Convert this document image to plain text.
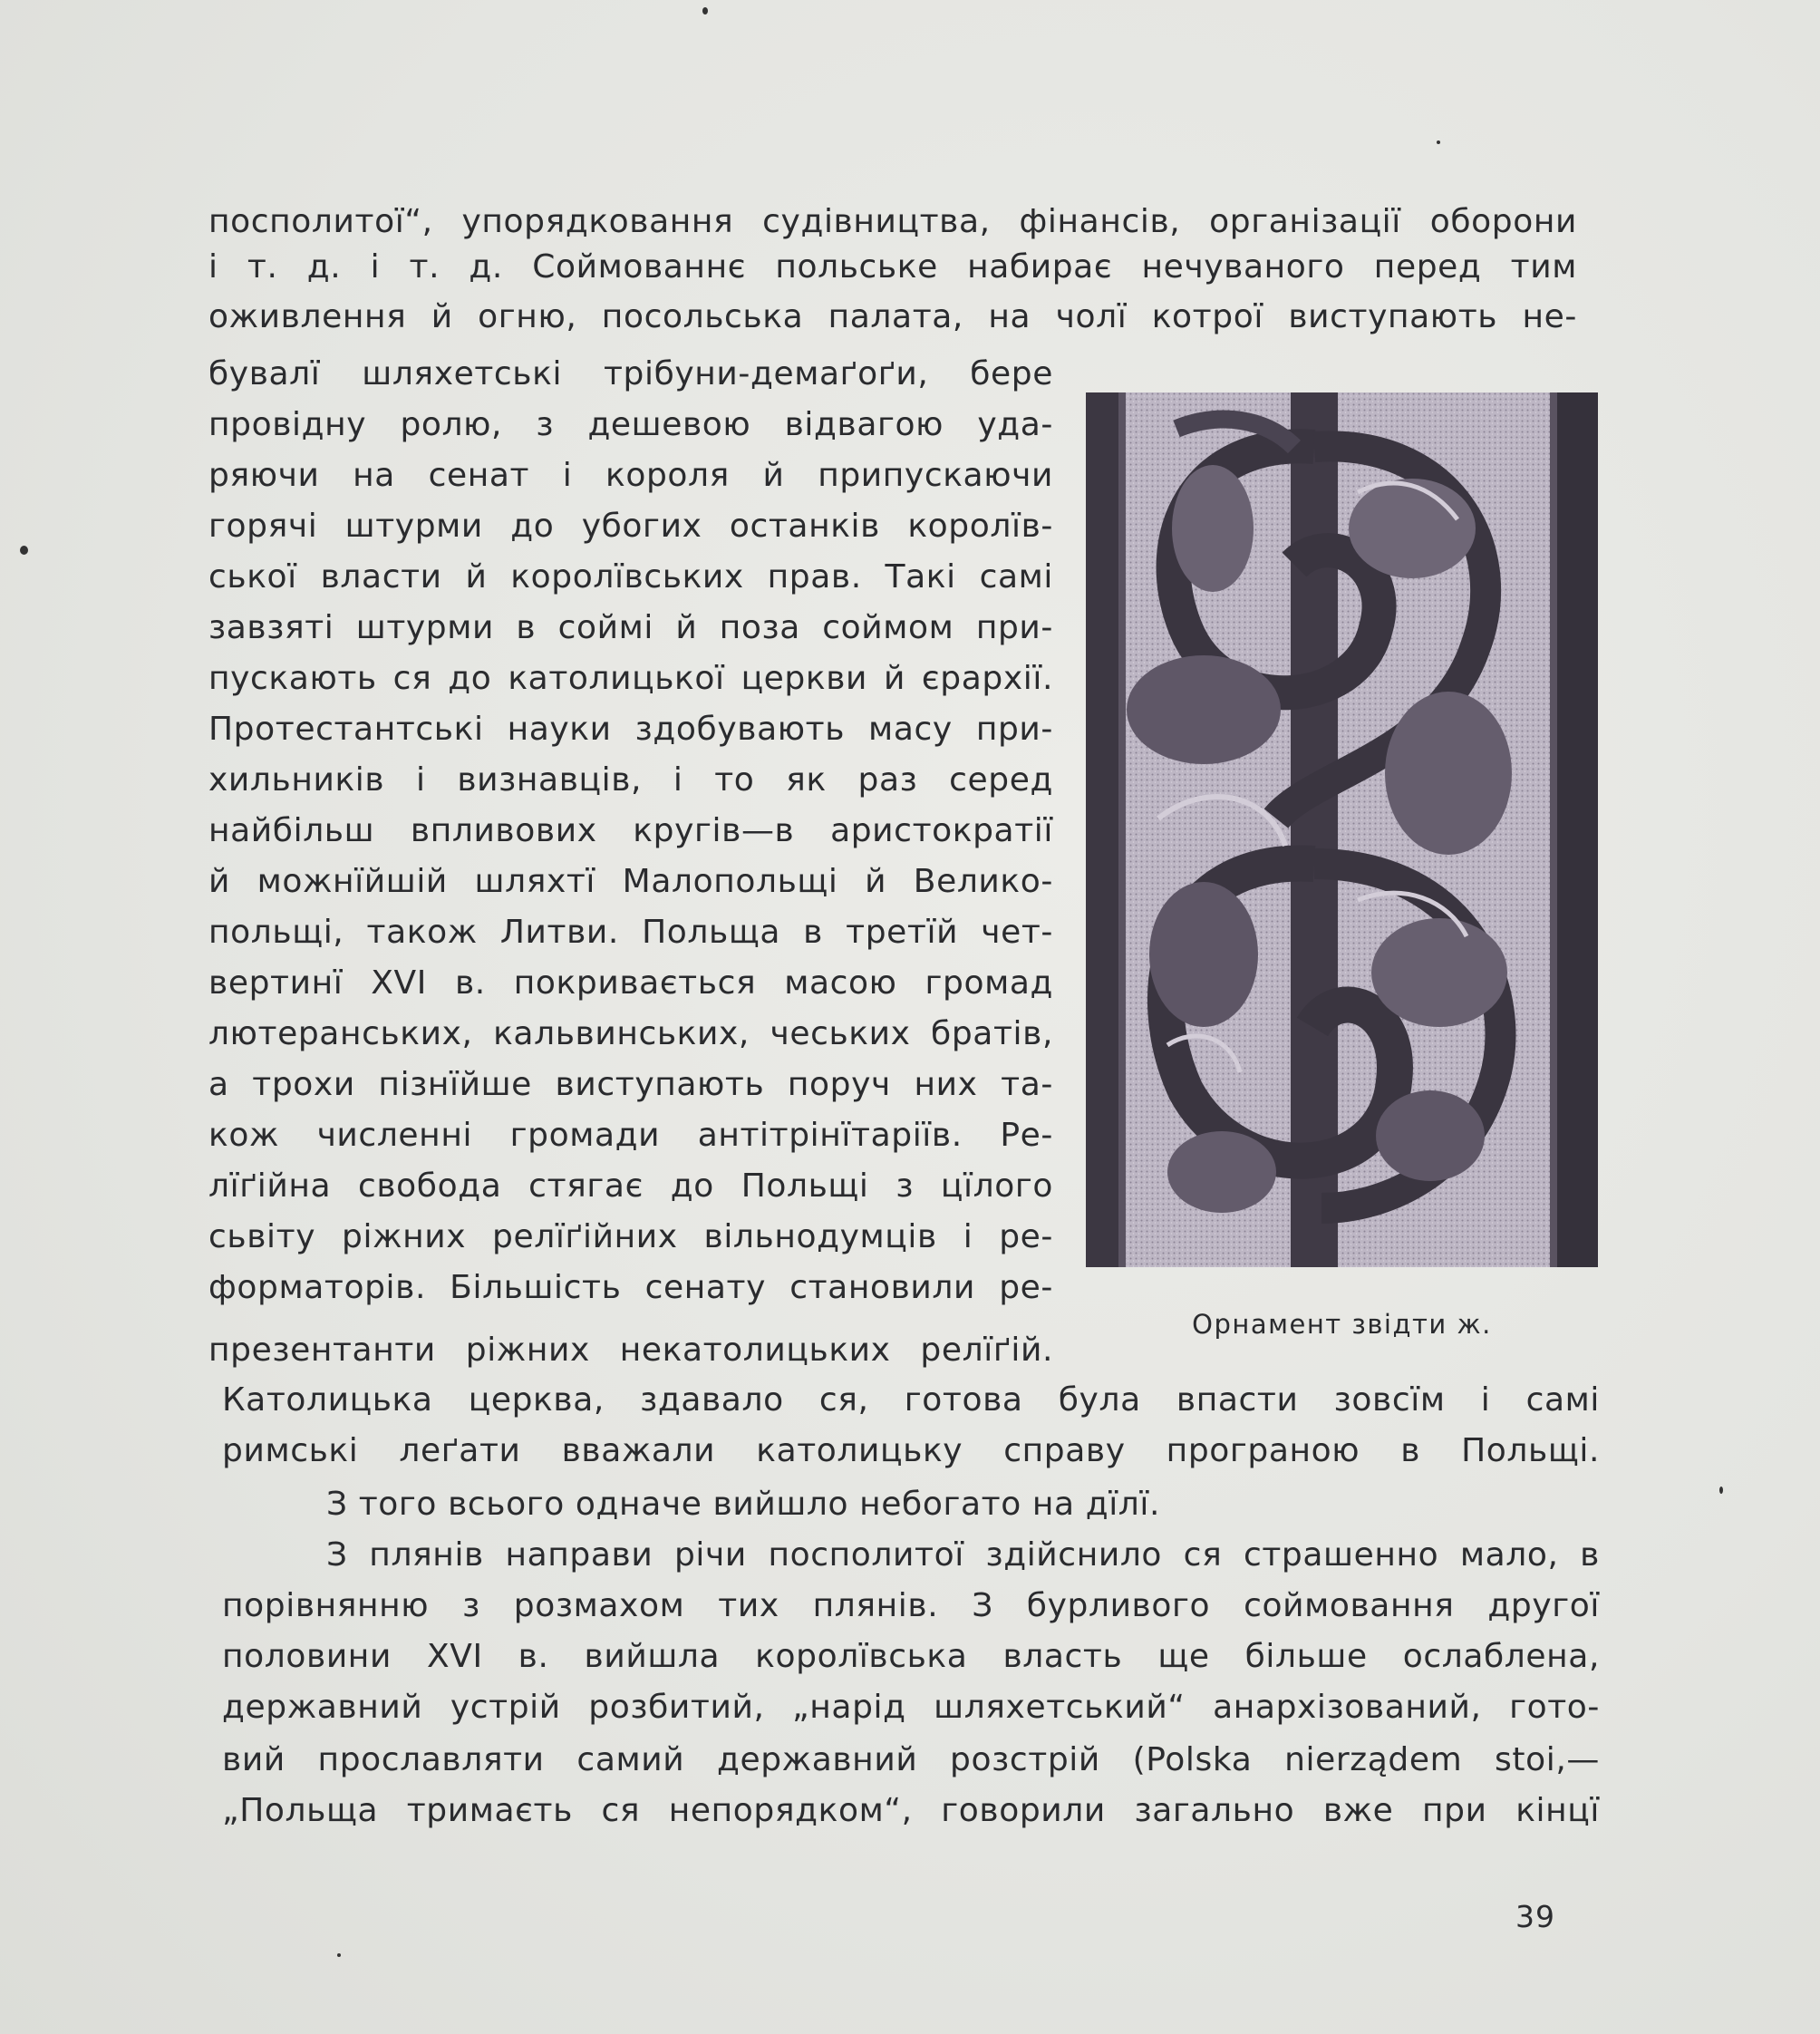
посполитої“, упорядковання судівництва, фінансів, організації оборони
і т. д. і т. д. Соймованнє польське набирає нечуваного перед тим
оживлення й огню, посольська палата, на чолї котрої виступають не-
бувалї шляхетські трібуни-демаґоґи, бере
провідну ролю, з дешевою відвагою уда-
ряючи на сенат і короля й припускаючи
горячі штурми до убогих останків королїв-
ської власти й королївських прав. Такі самі
завзяті штурми в соймі й поза соймом при-
пускають ся до католицької церкви й єрархії.
Протестантські науки здобувають масу при-
хильників і визнавців, і то як раз серед
найбільш впливових кругів—в аристократії
й можнїйшій шляхтї Малопольщі й Велико-
польщі, також Литви. Польща в третїй чет-
вертинї XVI в. покривається масою громад
лютеранських, кальвинських, чеських братів,
а трохи пізнїйше виступають поруч них та-
кож численні громади антітрінїтаріїв. Ре-
лїґійна свобода стягає до Польщі з цїлого
сьвіту ріжних релїґійних вільнодумців і ре-
форматорів. Більшість сенату становили ре-
презентанти ріжних некатолицьких релїґій.
Орнамент звідти ж.
Католицька церква, здавало ся, готова була впасти зовсїм і самі
римські леґати вважали католицьку справу програною в Польщі.
З того всього одначе вийшло небогато на дїлї.
З плянів направи річи посполитої здійснило ся страшенно мало, в
порівнянню з розмахом тих плянів. З бурливого соймовання другої
половини XVI в. вийшла королївська власть ще більше ослаблена,
державний устрій розбитий, „нарід шляхетський“ анархізований, гото-
вий прославляти самий державний розстрій (Polska nierządem stoi,—
„Польща тримаєть ся непорядком“, говорили загально вже при кінцї
39
